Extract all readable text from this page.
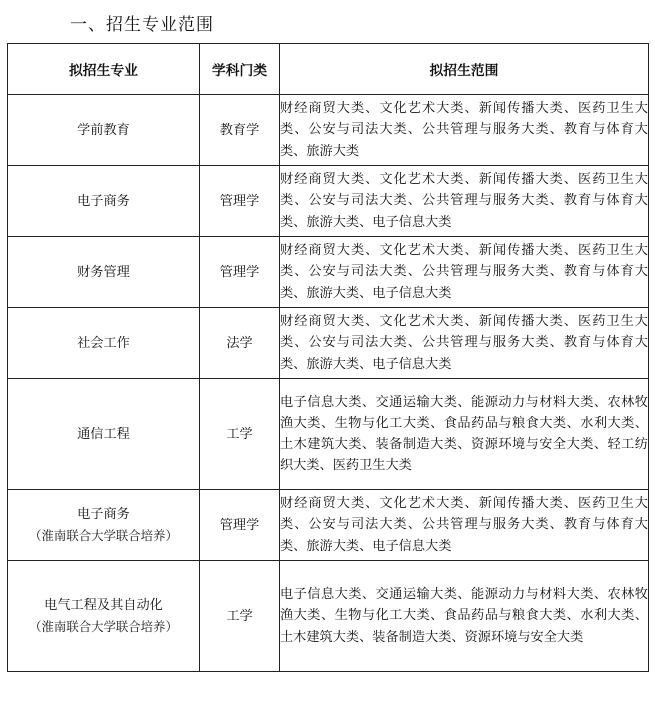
一、招生专业范围
拟招生专业	学科门类	拟招生范围

学前教育	教育学	财经商贸大类、文化艺术大类、新闻传播大类、医药卫生大类、公安与司法大类、公共管理与服务大类、教育与体育大类、旅游大类

电子商务	管理学	财经商贸大类、文化艺术大类、新闻传播大类、医药卫生大类、公安与司法大类、公共管理与服务大类、教育与体育大类、旅游大类、电子信息大类

财务管理	管理学	财经商贸大类、文化艺术大类、新闻传播大类、医药卫生大类、公安与司法大类、公共管理与服务大类、教育与体育大类、旅游大类、电子信息大类

社会工作	法学	财经商贸大类、文化艺术大类、新闻传播大类、医药卫生大类、公安与司法大类、公共管理与服务大类、教育与体育大类、旅游大类、电子信息大类

通信工程	工学	电子信息大类、交通运输大类、能源动力与材料大类、农林牧渔大类、生物与化工大类、食品药品与粮食大类、水利大类、土木建筑大类、装备制造大类、资源环境与安全大类、轻工纺织大类、医药卫生大类

电子商务
（淮南联合大学联合培养）	管理学	财经商贸大类、文化艺术大类、新闻传播大类、医药卫生大类、公安与司法大类、公共管理与服务大类、教育与体育大类、旅游大类、电子信息大类

电气工程及其自动化
（淮南联合大学联合培养）	工学	电子信息大类、交通运输大类、能源动力与材料大类、农林牧渔大类、生物与化工大类、食品药品与粮食大类、水利大类、土木建筑大类、装备制造大类、资源环境与安全大类
